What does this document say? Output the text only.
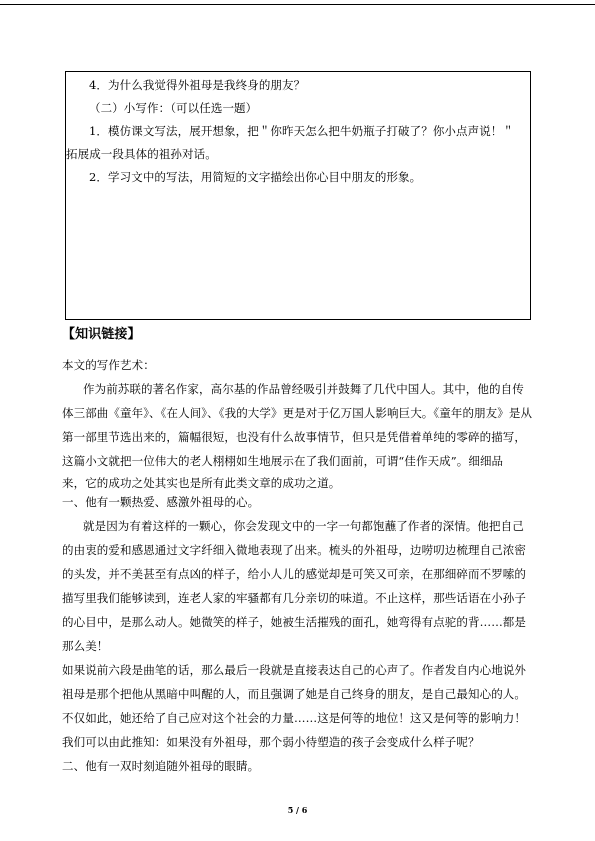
4．为什么我觉得外祖母是我终身的朋友？
（二）小写作：（可以任选一题）
1．模仿课文写法，展开想象，把＂你昨天怎么把牛奶瓶子打破了？你小点声说！＂
拓展成一段具体的祖孙对话。
2．学习文中的写法，用简短的文字描绘出你心目中朋友的形象。
【知识链接】
本文的写作艺术：
作为前苏联的著名作家，高尔基的作品曾经吸引并鼓舞了几代中国人。其中，他的自传
体三部曲《童年》、《在人间》、《我的大学》更是对于亿万国人影响巨大。《童年的朋友》是从
第一部里节选出来的，篇幅很短，也没有什么故事情节，但只是凭借着单纯的零碎的描写，
这篇小文就把一位伟大的老人栩栩如生地展示在了我们面前，可谓“佳作天成”。细细品
来，它的成功之处其实也是所有此类文章的成功之道。
一、他有一颗热爱、感激外祖母的心。
就是因为有着这样的一颗心，你会发现文中的一字一句都饱蘸了作者的深情。他把自己
的由衷的爱和感恩通过文字纤细入微地表现了出来。梳头的外祖母，边唠叨边梳理自己浓密
的头发，并不美甚至有点凶的样子，给小人儿的感觉却是可笑又可亲，在那细碎而不罗嗦的
描写里我们能够读到，连老人家的牢骚都有几分亲切的味道。不止这样，那些话语在小孙子
的心目中，是那么动人。她微笑的样子，她被生活摧残的面孔，她弯得有点驼的背……都是
那么美！
如果说前六段是曲笔的话，那么最后一段就是直接表达自己的心声了。作者发自内心地说外
祖母是那个把他从黑暗中叫醒的人，而且强调了她是自己终身的朋友，是自己最知心的人。
不仅如此，她还给了自己应对这个社会的力量……这是何等的地位！这又是何等的影响力！
我们可以由此推知：如果没有外祖母，那个弱小待塑造的孩子会变成什么样子呢？
二、他有一双时刻追随外祖母的眼睛。
5 / 6
